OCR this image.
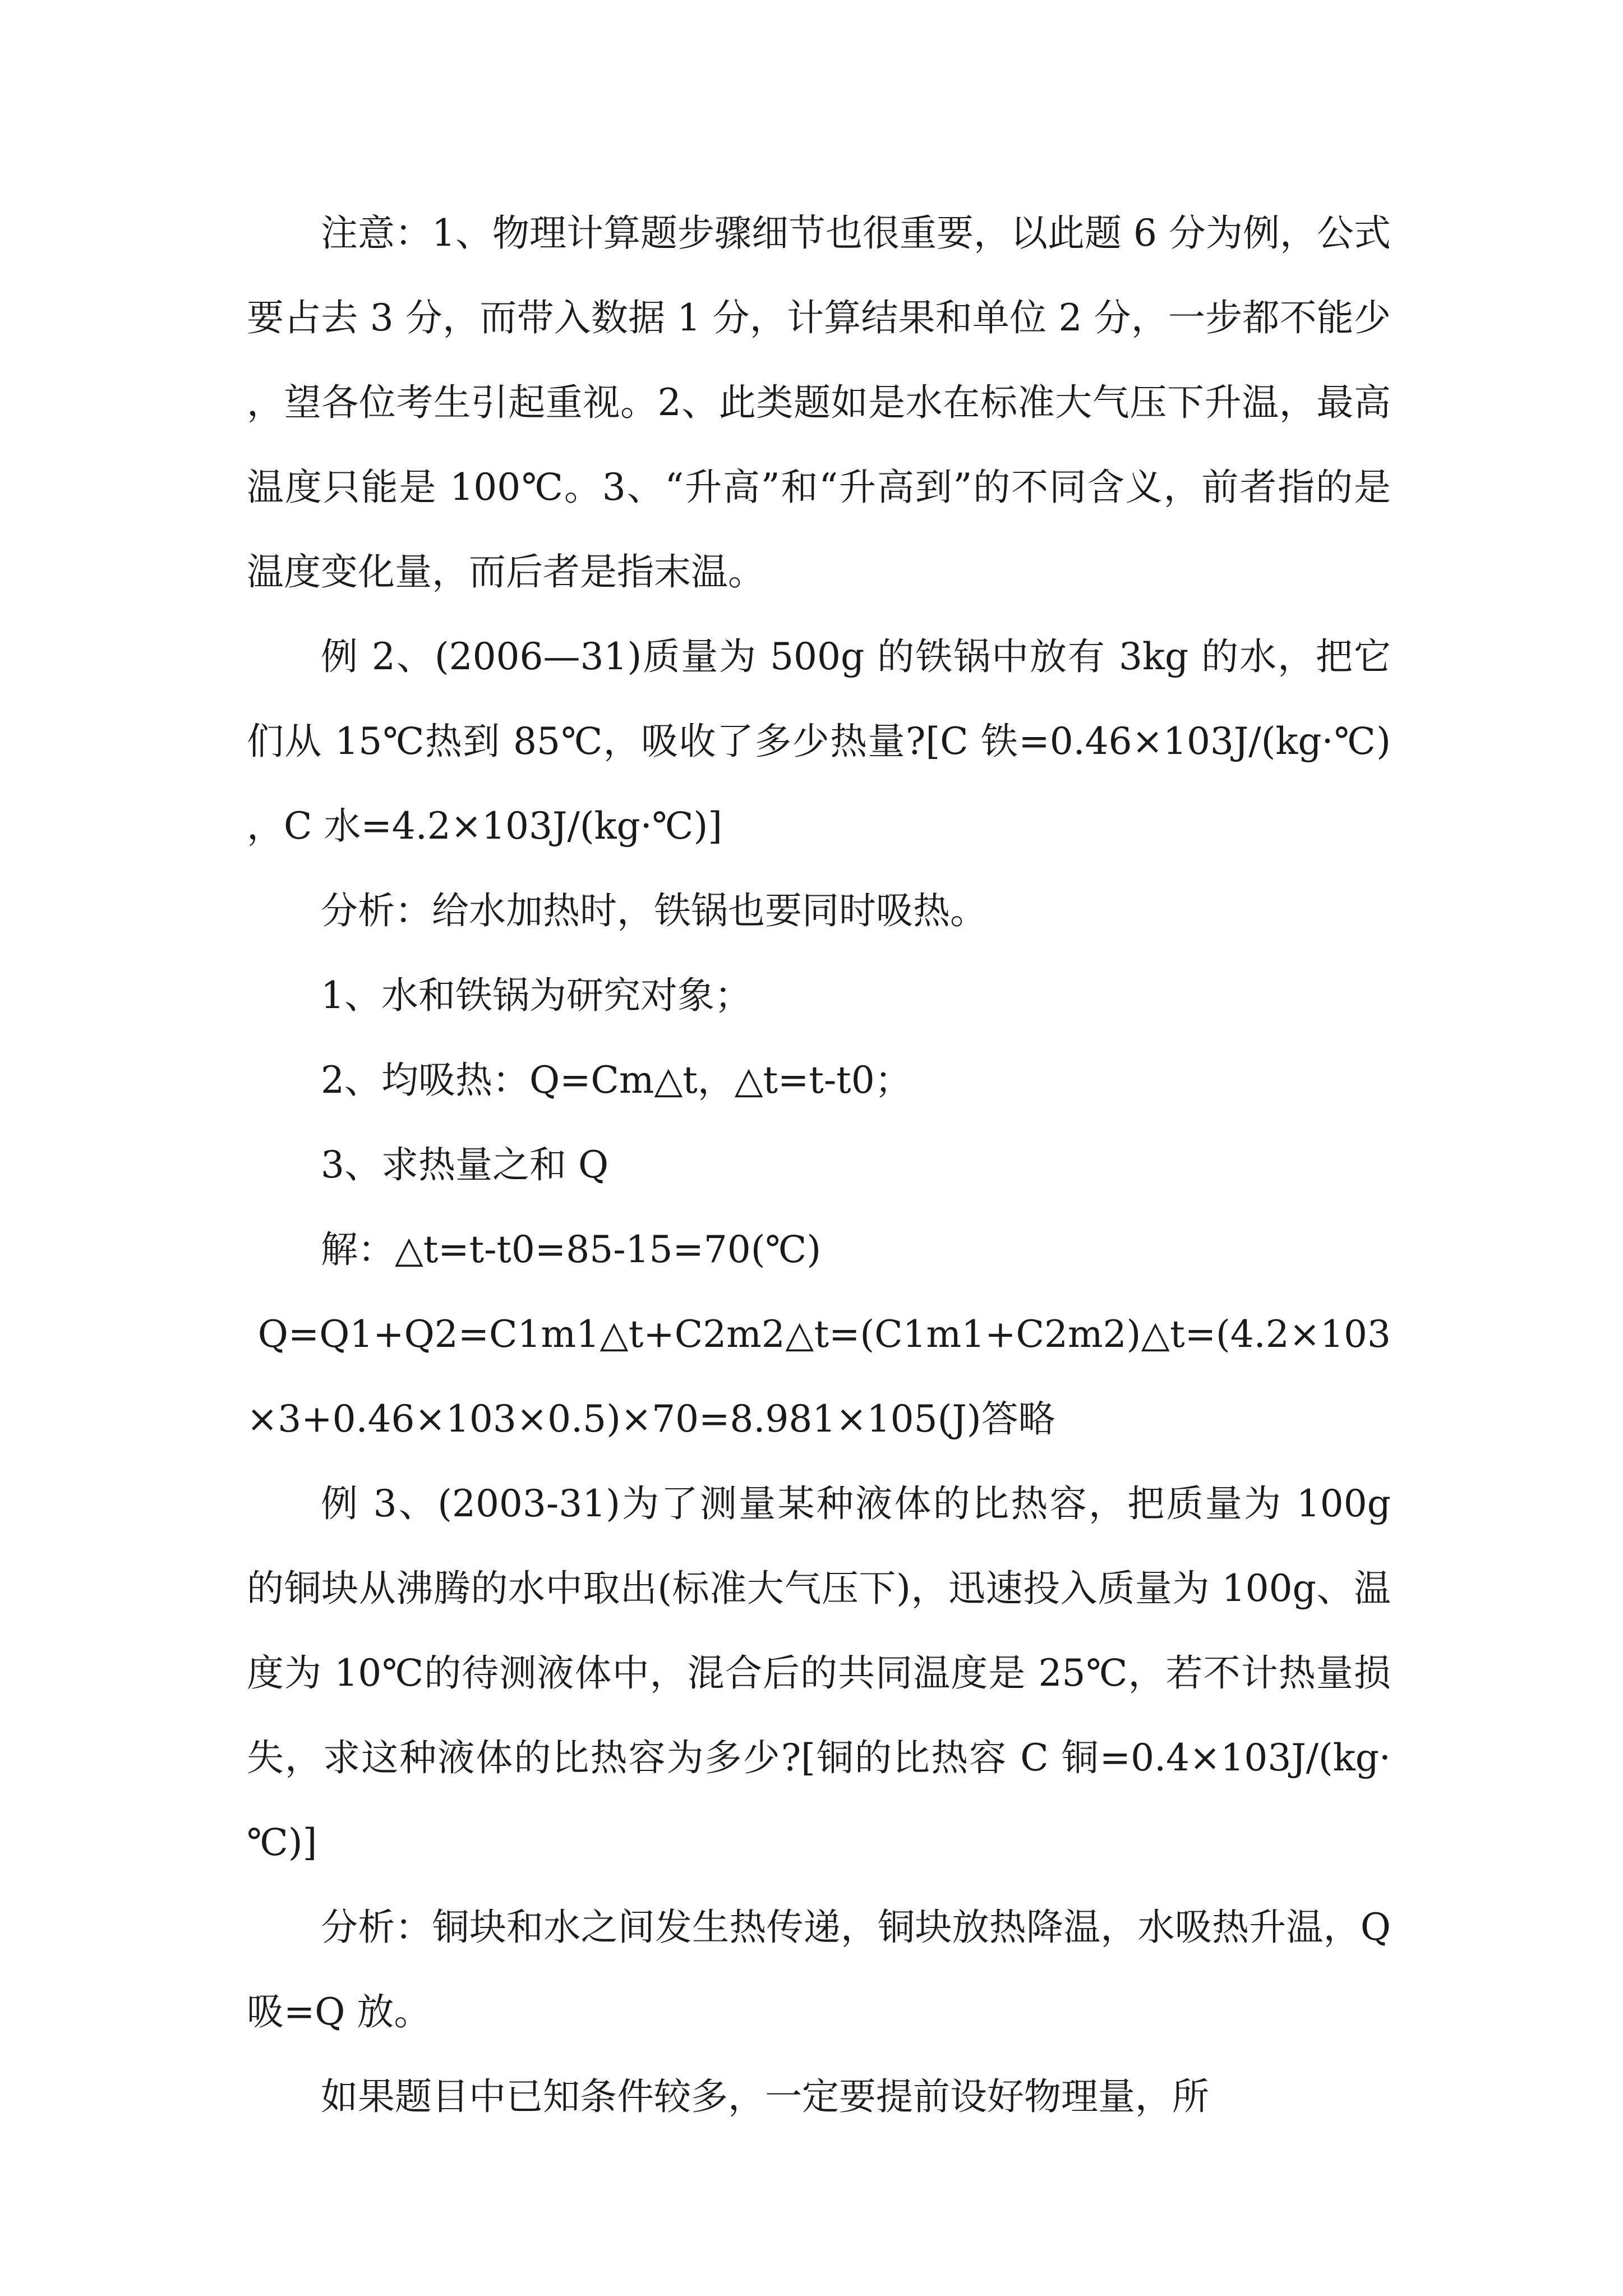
注意：1、物理计算题步骤细节也很重要，以此题 6 分为例，公式要占去 3 分，而带入数据 1 分，计算结果和单位 2 分，一步都不能少，望各位考生引起重视。2、此类题如是水在标准大气压下升温，最高温度只能是 100℃。3、“升高”和“升高到”的不同含义，前者指的是温度变化量，而后者是指末温。

例 2、(2006—31)质量为 500g 的铁锅中放有 3kg 的水，把它们从 15℃热到 85℃，吸收了多少热量?[C 铁=0.46×103J/(kg·℃)，C 水=4.2×103J/(kg·℃)]

分析：给水加热时，铁锅也要同时吸热。

1、水和铁锅为研究对象；

2、均吸热：Q=Cm△t，△t=t-t0；

3、求热量之和 Q

解：△t=t-t0=85-15=70(℃)

Q=Q1+Q2=C1m1△t+C2m2△t=(C1m1+C2m2)△t=(4.2×103×3+0.46×103×0.5)×70=8.981×105(J)答略

例 3、(2003-31)为了测量某种液体的比热容，把质量为 100g 的铜块从沸腾的水中取出(标准大气压下)，迅速投入质量为 100g、温度为 10℃的待测液体中，混合后的共同温度是 25℃，若不计热量损失，求这种液体的比热容为多少?[铜的比热容 C 铜=0.4×103J/(kg·℃)]

分析：铜块和水之间发生热传递，铜块放热降温，水吸热升温，Q 吸=Q 放。

如果题目中已知条件较多，一定要提前设好物理量，所
